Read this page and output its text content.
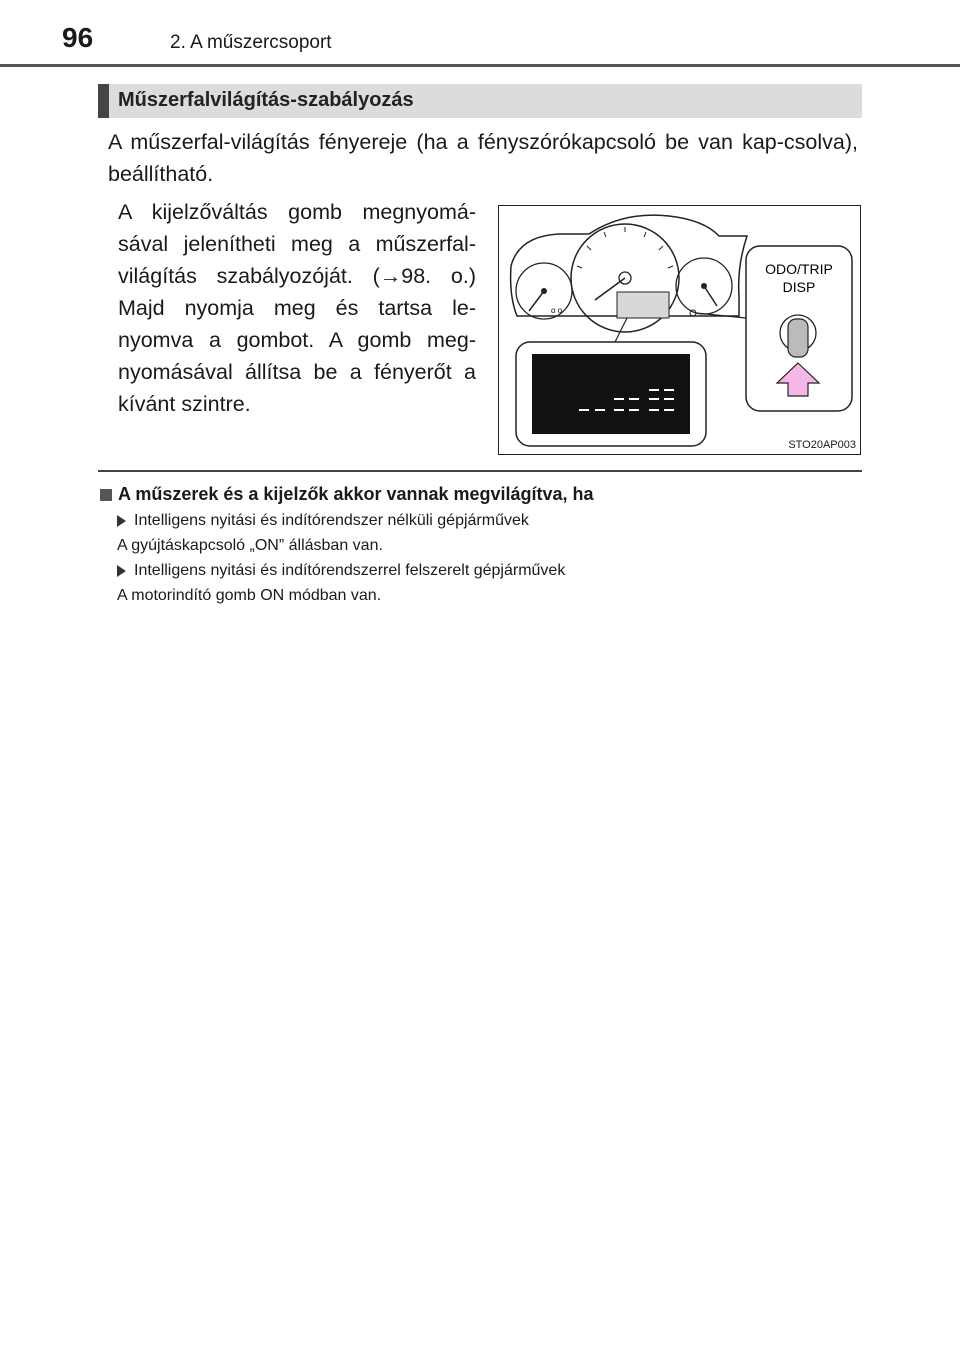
96	2. A műszercsoport
Műszerfalvilágítás-szabályozás
A műszerfal-világítás fényereje (ha a fényszórókapcsoló be van kap-csolva), beállítható.
A kijelzőváltás gomb megnyomá-sával jelenítheti meg a műszerfal-világítás szabályozóját. (→98. o.) Majd nyomja meg és tartsa le-nyomva a gombot. A gomb meg-nyomásával állítsa be a fényerőt a kívánt szintre.
o o
ODO/TRIP
DISP
STO20AP003
A műszerek és a kijelzők akkor vannak megvilágítva, ha
Intelligens nyitási és indítórendszer nélküli gépjárművek
A gyújtáskapcsoló „ON” állásban van.
Intelligens nyitási és indítórendszerrel felszerelt gépjárművek
A motorindító gomb ON módban van.
